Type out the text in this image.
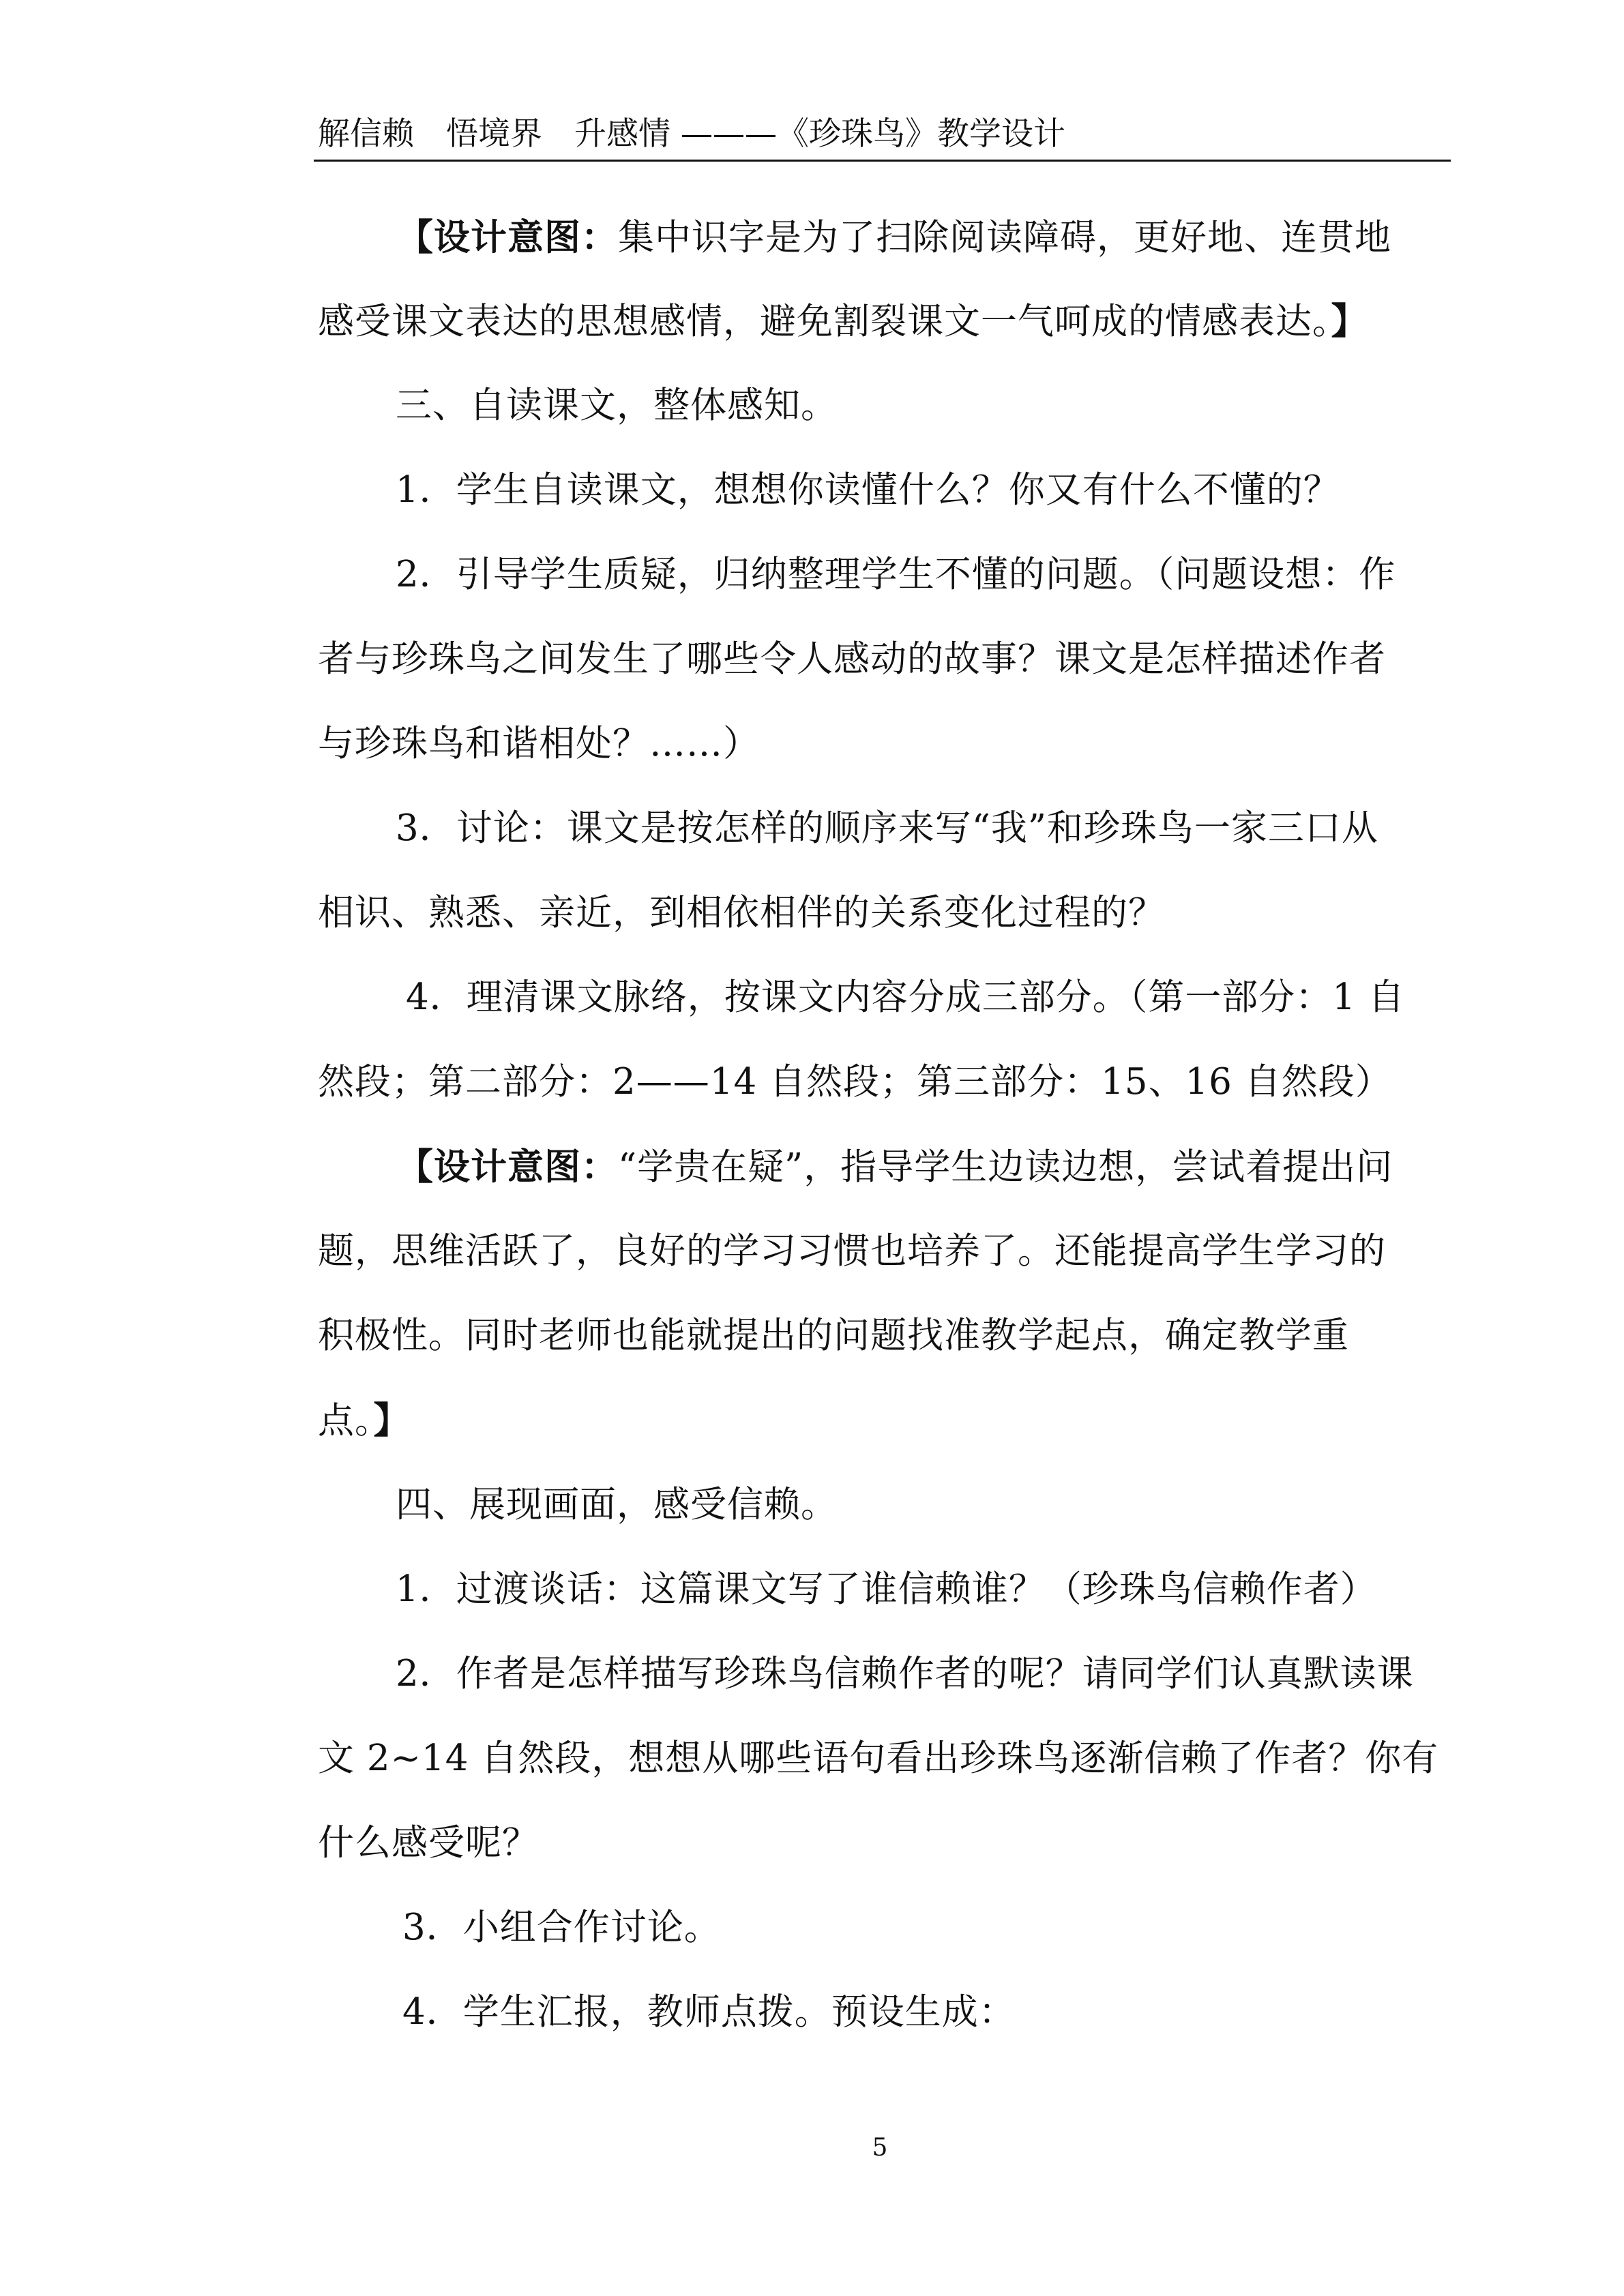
解信赖　悟境界　升感情 ———《珍珠鸟》教学设计
【设计意图：集中识字是为了扫除阅读障碍，更好地、连贯地
感受课文表达的思想感情，避免割裂课文一气呵成的情感表达。】
三、自读课文，整体感知。
1．学生自读课文，想想你读懂什么？你又有什么不懂的？
2．引导学生质疑，归纳整理学生不懂的问题。（问题设想：作
者与珍珠鸟之间发生了哪些令人感动的故事？课文是怎样描述作者
与珍珠鸟和谐相处？……）
3．讨论：课文是按怎样的顺序来写“我”和珍珠鸟一家三口从
相识、熟悉、亲近，到相依相伴的关系变化过程的？
4．理清课文脉络，按课文内容分成三部分。（第一部分：1 自
然段；第二部分：2——14 自然段；第三部分：15、16 自然段）
【设计意图：“学贵在疑”，指导学生边读边想，尝试着提出问
题，思维活跃了，良好的学习习惯也培养了。还能提高学生学习的
积极性。同时老师也能就提出的问题找准教学起点，确定教学重
点。】
四、展现画面，感受信赖。
1．过渡谈话：这篇课文写了谁信赖谁？（珍珠鸟信赖作者）
2．作者是怎样描写珍珠鸟信赖作者的呢？请同学们认真默读课
文 2~14 自然段，想想从哪些语句看出珍珠鸟逐渐信赖了作者？你有
什么感受呢？
3．小组合作讨论。
4．学生汇报，教师点拨。预设生成：
5
